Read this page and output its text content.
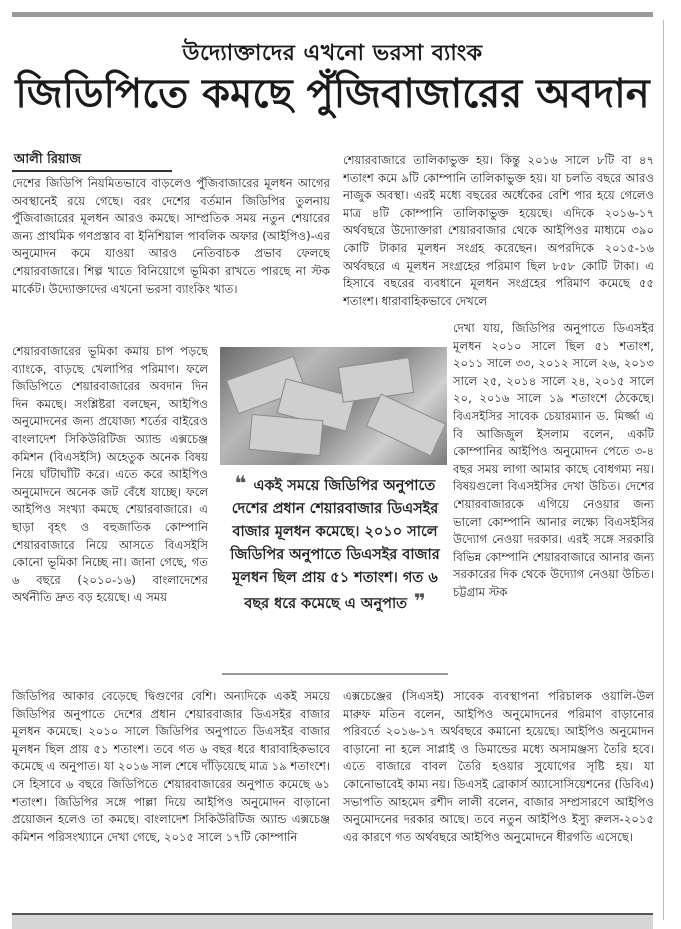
উদ্যোক্তাদের এখনো ভরসা ব্যাংক
জিডিপিতে কমছে পুঁজিবাজারের অবদান
আলী রিয়াজ

দেশের জিডিপি নিয়মিতভাবে বাড়লেও পুঁজিবাজারের মূলধন আগের অবস্থানেই রয়ে গেছে। বরং দেশের বর্তমান জিডিপির তুলনায় পুঁজিবাজারের মূলধন আরও কমছে। সাম্প্রতিক সময় নতুন শেয়ারের জন্য প্রাথমিক গণপ্রস্তাব বা ইনিশিয়াল পাবলিক অফার (আইপিও)-এর অনুমোদন কমে যাওয়া আরও নেতিবাচক প্রভাব ফেলছে শেয়ারবাজারে। শিল্প খাতে বিনিয়োগে ভূমিকা রাখতে পারছে না স্টক মার্কেট। উদ্যোক্তাদের এখনো ভরসা ব্যাংকিং খাত।

শেয়ারবাজারের ভূমিকা কমায় চাপ পড়ছে ব্যাংকে, বাড়ছে খেলাপির পরিমাণ। ফলে জিডিপিতে শেয়ারবাজারের অবদান দিন দিন কমছে। সংশ্লিষ্টরা বলছেন, আইপিও অনুমোদনের জন্য প্রযোজ্য শর্তের বাইরেও বাংলাদেশ সিকিউরিটিজ অ্যান্ড এক্সচেঞ্জ কমিশন (বিএসইসি) অহেতুক অনেক বিষয় নিয়ে ঘাঁটাঘাঁটি করে। এতে করে আইপিও অনুমোদনে অনেক জট বেঁধে যাচ্ছে। ফলে আইপিও সংখ্যা কমছে শেয়ারবাজারে। এ ছাড়া বৃহৎ ও বহুজাতিক কোম্পানি শেয়ারবাজারে নিয়ে আসতে বিএসইসি কোনো ভূমিকা নিচ্ছে না। জানা গেছে, গত ৬ বছরে (২০১০-১৬) বাংলাদেশের অর্থনীতি দ্রুত বড় হয়েছে। এ সময়

জিডিপির আকার বেড়েছে দ্বিগুণের বেশি। অন্যদিকে একই সময়ে জিডিপির অনুপাতে দেশের প্রধান শেয়ারবাজার ডিএসইর বাজার মূলধন কমেছে। ২০১০ সালে জিডিপির অনুপাতে ডিএসইর বাজার মূলধন ছিল প্রায় ৫১ শতাংশ। তবে গত ৬ বছর ধরে ধারাবাহিকভাবে কমেছে এ অনুপাত। যা ২০১৬ সাল শেষে দাঁড়িয়েছে মাত্র ১৯ শতাংশে। সে হিসাবে ৬ বছরে জিডিপিতে শেয়ারবাজারের অনুপাত কমেছে ৬১ শতাংশ। জিডিপির সঙ্গে পাল্লা দিয়ে আইপিও অনুমোদন বাড়ানো প্রয়োজন হলেও তা কমছে। বাংলাদেশ সিকিউরিটিজ অ্যান্ড এক্সচেঞ্জ কমিশন পরিসংখ্যানে দেখা গেছে, ২০১৫ সালে ১৭টি কোম্পানি

শেয়ারবাজারে তালিকাভুক্ত হয়। কিন্তু ২০১৬ সালে ৮টি বা ৪৭ শতাংশ কমে ৯টি কোম্পানি তালিকাভুক্ত হয়। যা চলতি বছরে আরও নাজুক অবস্থা। এরই মধ্যে বছরের অর্ধেকের বেশি পার হয়ে গেলেও মাত্র ৪টি কোম্পানি তালিকাভুক্ত হয়েছে। এদিকে ২০১৬-১৭ অর্থবছরে উদ্যোক্তারা শেয়ারবাজার থেকে আইপিওর মাধ্যমে ৩৯০ কোটি টাকার মূলধন সংগ্রহ করেছেন। অপরদিকে ২০১৫-১৬ অর্থবছরে এ মূলধন সংগ্রহের পরিমাণ ছিল ৮৫৮ কোটি টাকা। এ হিসাবে বছরের ব্যবধানে মূলধন সংগ্রহের পরিমাণ কমেছে ৫৫ শতাংশ। ধারাবাহিকভাবে দেখলে

দেখা যায়, জিডিপির অনুপাতে ডিএসইর মূলধন ২০১০ সালে ছিল ৫১ শতাংশ, ২০১১ সালে ৩৩, ২০১২ সালে ২৬, ২০১৩ সালে ২৫, ২০১৪ সালে ২৪, ২০১৫ সালে ২০, ২০১৬ সালে ১৯ শতাংশে ঠেকেছে। বিএসইসির সাবেক চেয়ারম্যান ড. মির্জ্জা এ বি আজিজুল ইসলাম বলেন, একটি কোম্পানির আইপিও অনুমোদন পেতে ৩-৪ বছর সময় লাগা আমার কাছে বোধগম্য নয়। বিষয়গুলো বিএসইসির দেখা উচিত। দেশের শেয়ারবাজারকে এগিয়ে নেওয়ার জন্য ভালো কোম্পানি আনার লক্ষ্যে বিএসইসির উদ্যোগ নেওয়া দরকার। এরই সঙ্গে সরকারি বিভিন্ন কোম্পানি শেয়ারবাজারে আনার জন্য সরকারের দিক থেকে উদ্যোগ নেওয়া উচিত। চট্টগ্রাম স্টক

এক্সচেঞ্জের (সিএসই) সাবেক ব্যবস্থাপনা পরিচালক ওয়ালি-উল মারুফ মতিন বলেন, আইপিও অনুমোদনের পরিমাণ বাড়ানোর পরিবর্তে ২০১৬-১৭ অর্থবছরে কমানো হয়েছে। আইপিও অনুমোদন বাড়ানো না হলে সাপ্লাই ও ডিমান্ডের মধ্যে অসামঞ্জস্য তৈরি হবে। এতে বাজারে বাবল তৈরি হওয়ার সুযোগের সৃষ্টি হয়। যা কোনোভাবেই কাম্য নয়। ডিএসই ব্রোকার্স অ্যাসোসিয়েশনের (ডিবিএ) সভাপতি আহমেদ রশীদ লালী বলেন, বাজার সম্প্রসারণে আইপিও অনুমোদনের দরকার আছে। তবে নতুন আইপিও ইস্যু রুলস-২০১৫ এর কারণে গত অর্থবছরে আইপিও অনুমোদনে ধীরগতি এসেছে।

❝ একই সময়ে জিডিপির অনুপাতে দেশের প্রধান শেয়ারবাজার ডিএসইর বাজার মূলধন কমেছে। ২০১০ সালে জিডিপির অনুপাতে ডিএসইর বাজার মূলধন ছিল প্রায় ৫১ শতাংশ। গত ৬ বছর ধরে কমেছে এ অনুপাত ❞
